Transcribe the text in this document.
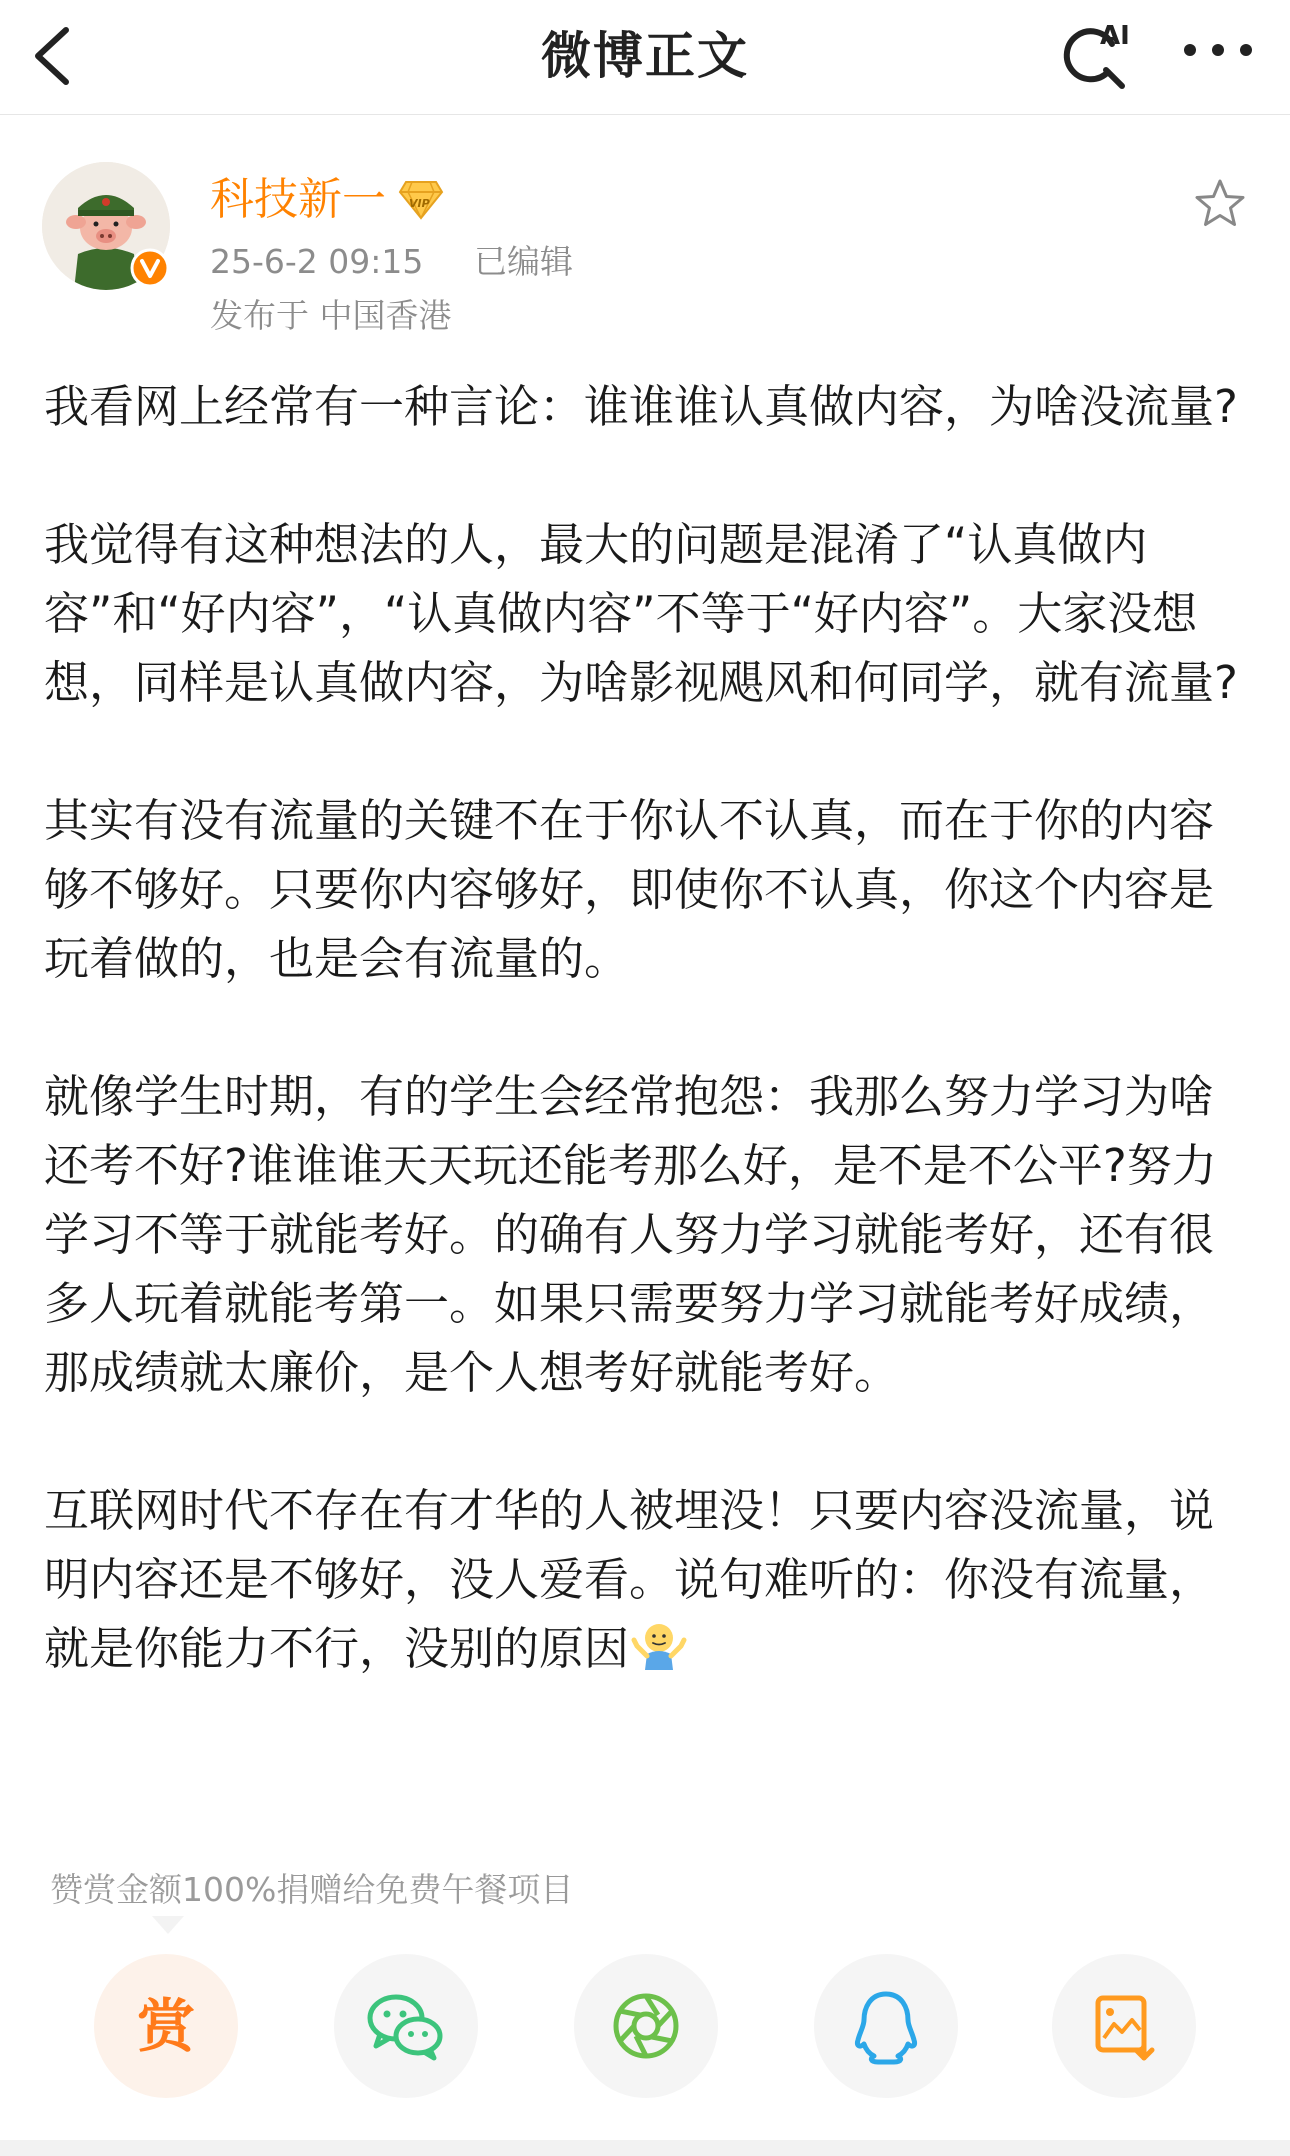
微博正文	AI
科技新一 VIP
25-6-2 09:15 已编辑
发布于 中国香港

我看网上经常有一种言论：谁谁谁认真做内容，为啥没流量?

我觉得有这种想法的人，最大的问题是混淆了“认真做内容”和“好内容”，“认真做内容”不等于“好内容”。大家没想想，同样是认真做内容，为啥影视飓风和何同学，就有流量?

其实有没有流量的关键不在于你认不认真，而在于你的内容够不够好。只要你内容够好，即使你不认真，你这个内容是玩着做的，也是会有流量的。

就像学生时期，有的学生会经常抱怨：我那么努力学习为啥还考不好?谁谁谁天天玩还能考那么好，是不是不公平?努力学习不等于就能考好。的确有人努力学习就能考好，还有很多人玩着就能考第一。如果只需要努力学习就能考好成绩，那成绩就太廉价，是个人想考好就能考好。

互联网时代不存在有才华的人被埋没！只要内容没流量，说明内容还是不够好，没人爱看。说句难听的：你没有流量，就是你能力不行，没别的原因

赞赏金额100%捐赠给免费午餐项目
赏
